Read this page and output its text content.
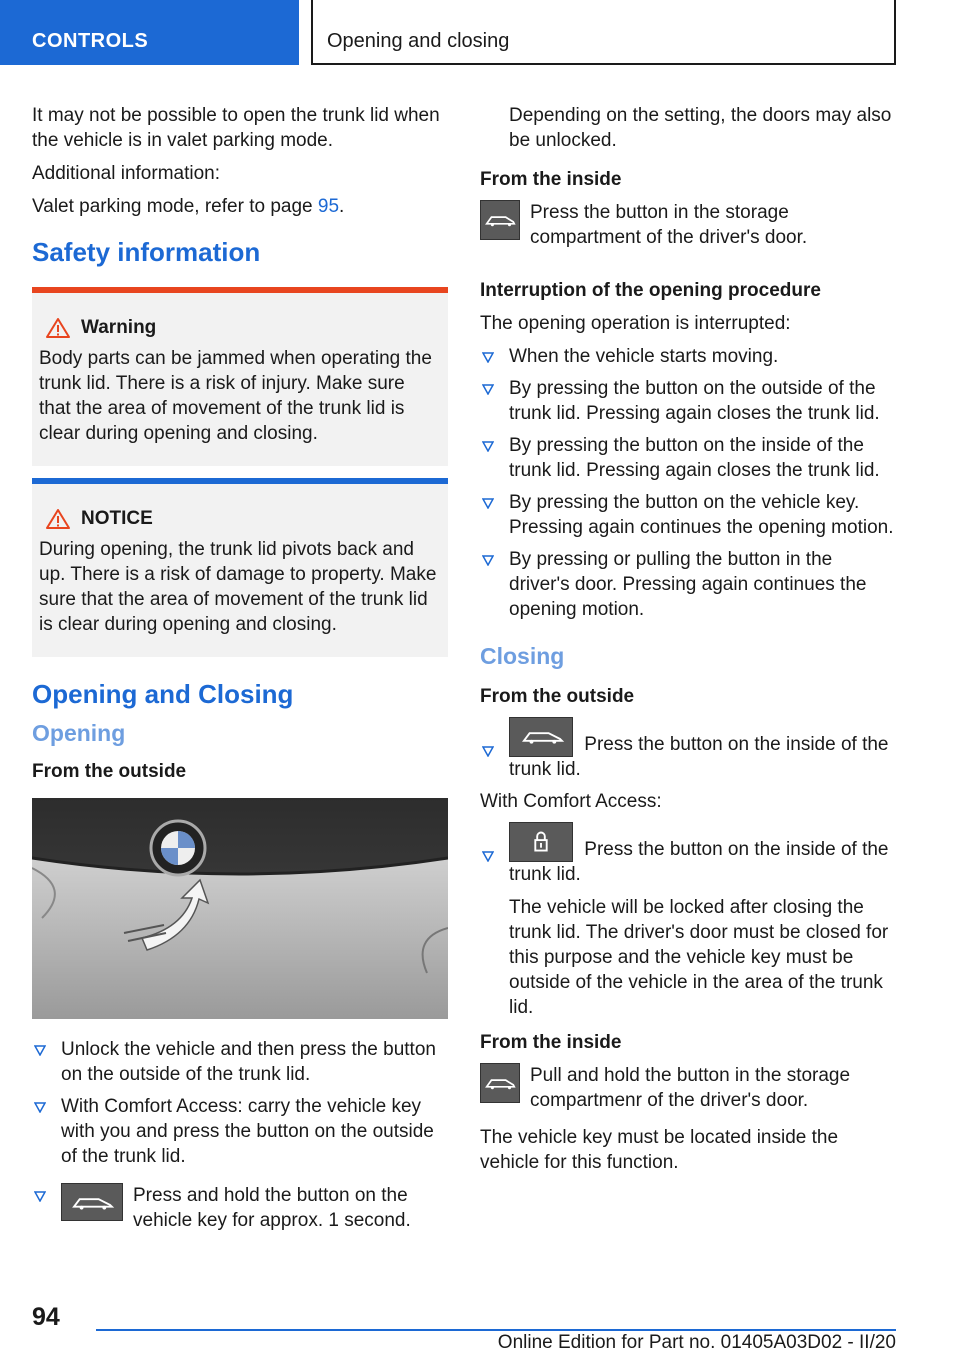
CONTROLS	Opening and closing

It may not be possible to open the trunk lid when the vehicle is in valet parking mode.

Additional information:

Valet parking mode, refer to page 95.

Safety information
Warning
Body parts can be jammed when operating the trunk lid. There is a risk of injury. Make sure that the area of movement of the trunk lid is clear during opening and closing.
NOTICE
During opening, the trunk lid pivots back and up. There is a risk of damage to property. Make sure that the area of movement of the trunk lid is clear during opening and closing.
Opening and Closing
Opening
From the outside
Unlock the vehicle and then press the button on the outside of the trunk lid.
With Comfort Access: carry the vehicle key with you and press the button on the outside of the trunk lid.
Press and hold the button on the vehicle key for approx. 1 second.

Depending on the setting, the doors may also be unlocked.

From the inside
Press the button in the storage compartment of the driver's door.
Interruption of the opening procedure

The opening operation is interrupted:

When the vehicle starts moving.
By pressing the button on the outside of the trunk lid. Pressing again closes the trunk lid.
By pressing the button on the inside of the trunk lid. Pressing again closes the trunk lid.
By pressing the button on the vehicle key. Pressing again continues the opening motion.
By pressing or pulling the button in the driver's door. Pressing again continues the opening motion.
Closing
From the outside
Press the button on the inside of the trunk lid.

With Comfort Access:

Press the button on the inside of the trunk lid.

The vehicle will be locked after closing the trunk lid. The driver's door must be closed for this purpose and the vehicle key must be outside of the vehicle in the area of the trunk lid.

From the inside
Pull and hold the button in the storage compartmenr of the driver's door.

The vehicle key must be located inside the vehicle for this function.

94
Online Edition for Part no. 01405A03D02 - II/20
